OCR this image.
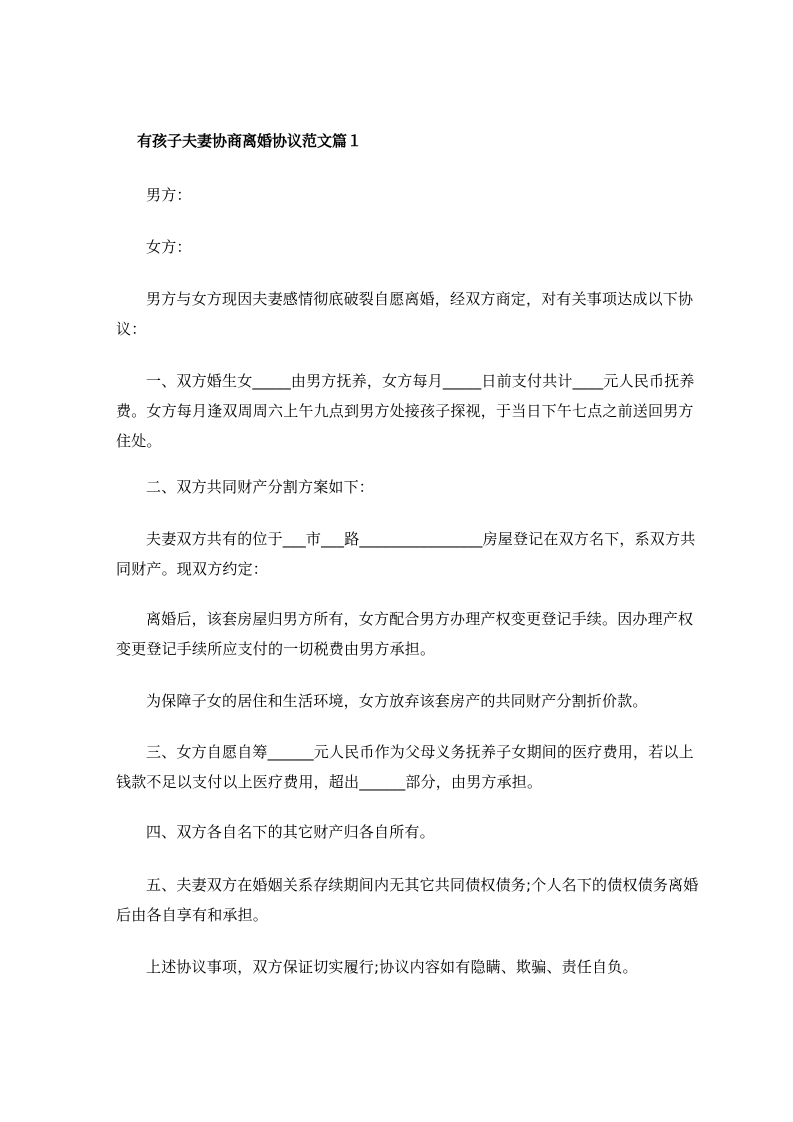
有孩子夫妻协商离婚协议范文篇１

男方：

女方：

男方与女方现因夫妻感情彻底破裂自愿离婚，经双方商定，对有关事项达成以下协议：

一、双方婚生女_____由男方抚养，女方每月_____日前支付共计____元人民币抚养费。女方每月逢双周周六上午九点到男方处接孩子探视，于当日下午七点之前送回男方住处。

二、双方共同财产分割方案如下：

夫妻双方共有的位于___市___路________________房屋登记在双方名下，系双方共同财产。现双方约定：

离婚后，该套房屋归男方所有，女方配合男方办理产权变更登记手续。因办理产权变更登记手续所应支付的一切税费由男方承担。

为保障子女的居住和生活环境，女方放弃该套房产的共同财产分割折价款。

三、女方自愿自筹______元人民币作为父母义务抚养子女期间的医疗费用，若以上钱款不足以支付以上医疗费用，超出______部分，由男方承担。

四、双方各自名下的其它财产归各自所有。

五、夫妻双方在婚姻关系存续期间内无其它共同债权债务;个人名下的债权债务离婚后由各自享有和承担。

上述协议事项，双方保证切实履行;协议内容如有隐瞒、欺骗、责任自负。
